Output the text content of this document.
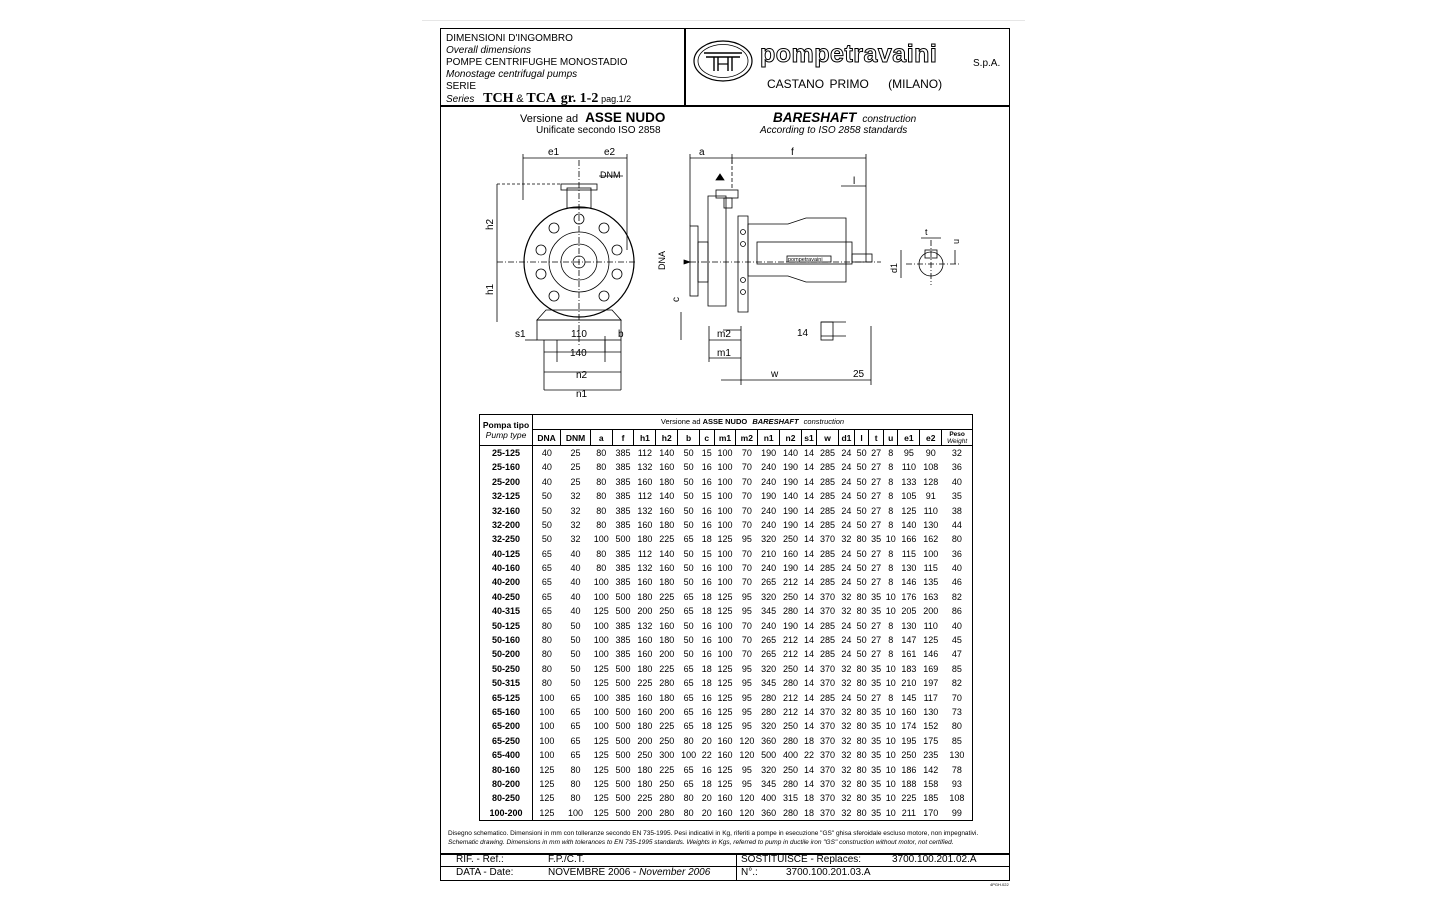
DIMENSIONI D'INGOMBRO
Overall dimensions
POMPE CENTRIFUGHE MONOSTADIO
Monostage centrifugal pumps
SERIE
Series TCH & TCA gr. 1-2 pag.1/2
pompetravaini	S.p.A.
CASTANO PRIMO (MILANO)
Versione ad ASSE NUDO
Unificate secondo ISO 2858
BARESHAFT construction
According to ISO 2858 standards
e1	e2
DNM
h2
h1
s1	110	b
140
n2
n1
a	f
l
DNA
c
m2
m1
14
w	25
t
u
d1
pompetravaini
Pompa tipo
Pump type	Versione ad ASSE NUDO BARESHAFT construction																				
	DNA	DNM	a	f	h1	h2	b	c	m1	m2	n1	n2	s1	w	d1	l	t	u	e1	e2	Peso
Weight

25-125	40	25	80	385	112	140	50	15	100	70	190	140	14	285	24	50	27	8	95	90	32
25-160	40	25	80	385	132	160	50	16	100	70	240	190	14	285	24	50	27	8	110	108	36
25-200	40	25	80	385	160	180	50	16	100	70	240	190	14	285	24	50	27	8	133	128	40
32-125	50	32	80	385	112	140	50	15	100	70	190	140	14	285	24	50	27	8	105	91	35
32-160	50	32	80	385	132	160	50	16	100	70	240	190	14	285	24	50	27	8	125	110	38
32-200	50	32	80	385	160	180	50	16	100	70	240	190	14	285	24	50	27	8	140	130	44
32-250	50	32	100	500	180	225	65	18	125	95	320	250	14	370	32	80	35	10	166	162	80
40-125	65	40	80	385	112	140	50	15	100	70	210	160	14	285	24	50	27	8	115	100	36
40-160	65	40	80	385	132	160	50	16	100	70	240	190	14	285	24	50	27	8	130	115	40
40-200	65	40	100	385	160	180	50	16	100	70	265	212	14	285	24	50	27	8	146	135	46
40-250	65	40	100	500	180	225	65	18	125	95	320	250	14	370	32	80	35	10	176	163	82
40-315	65	40	125	500	200	250	65	18	125	95	345	280	14	370	32	80	35	10	205	200	86
50-125	80	50	100	385	132	160	50	16	100	70	240	190	14	285	24	50	27	8	130	110	40
50-160	80	50	100	385	160	180	50	16	100	70	265	212	14	285	24	50	27	8	147	125	45
50-200	80	50	100	385	160	200	50	16	100	70	265	212	14	285	24	50	27	8	161	146	47
50-250	80	50	125	500	180	225	65	18	125	95	320	250	14	370	32	80	35	10	183	169	85
50-315	80	50	125	500	225	280	65	18	125	95	345	280	14	370	32	80	35	10	210	197	82
65-125	100	65	100	385	160	180	65	16	125	95	280	212	14	285	24	50	27	8	145	117	70
65-160	100	65	100	500	160	200	65	16	125	95	280	212	14	370	32	80	35	10	160	130	73
65-200	100	65	100	500	180	225	65	18	125	95	320	250	14	370	32	80	35	10	174	152	80
65-250	100	65	125	500	200	250	80	20	160	120	360	280	18	370	32	80	35	10	195	175	85
65-400	100	65	125	500	250	300	100	22	160	120	500	400	22	370	32	80	35	10	250	235	130
80-160	125	80	125	500	180	225	65	16	125	95	320	250	14	370	32	80	35	10	186	142	78
80-200	125	80	125	500	180	250	65	18	125	95	345	280	14	370	32	80	35	10	188	158	93
80-250	125	80	125	500	225	280	80	20	160	120	400	315	18	370	32	80	35	10	225	185	108
100-200	125	100	125	500	200	280	80	20	160	120	360	280	18	370	32	80	35	10	211	170	99
Disegno schematico. Dimensioni in mm con tolleranze secondo EN 735-1995. Pesi indicativi in Kg, riferiti a pompe in esecuzione "GS" ghisa sferoidale escluso motore, non impegnativi.
Schematic drawing. Dimensions in mm with tolerances to EN 735-1995 standards. Weights in Kgs, referred to pump in ductile iron "GS" construction without motor, not certified.
RIF. - Ref.:	F.P./C.T.	SOSTITUISCE - Replaces:	3700.100.201.02.A
DATA - Date:	NOVEMBRE 2006 - November 2006	N°.:	3700.100.201.03.A
4PGH.022
